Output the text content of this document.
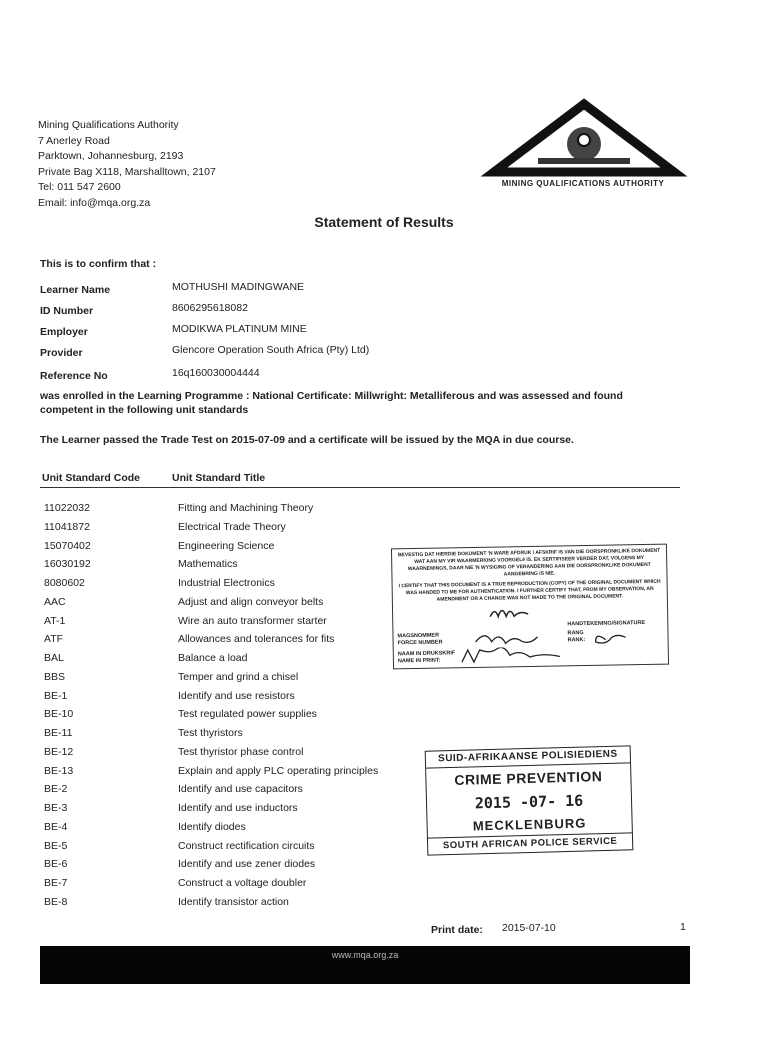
Mining Qualifications Authority
7 Anerley Road
Parktown, Johannesburg, 2193
Private Bag X118, Marshalltown, 2107
Tel: 011 547 2600
Email: info@mqa.org.za
MINING QUALIFICATIONS AUTHORITY
Statement of Results
This is to confirm that :
Learner Name	MOTHUSHI MADINGWANE
ID Number	8606295618082
Employer	MODIKWA PLATINUM MINE
Provider	Glencore Operation South Africa (Pty) Ltd)
Reference No	16q160030004444
was enrolled in the Learning Programme : National Certificate: Millwright: Metalliferous and was assessed and found competent in the following unit standards
The Learner passed the Trade Test on 2015-07-09 and a certificate will be issued by the MQA in due course.
Unit Standard Code	Unit Standard Title
11022032	Fitting and Machining Theory
11041872	Electrical Trade Theory
15070402	Engineering Science
16030192	Mathematics
8080602	Industrial Electronics
AAC	Adjust and align conveyor belts
AT-1	Wire an auto transformer starter
ATF	Allowances and tolerances for fits
BAL	Balance a load
BBS	Temper and grind a chisel
BE-1	Identify and use resistors
BE-10	Test regulated power supplies
BE-11	Test thyristors
BE-12	Test thyristor phase control
BE-13	Explain and apply PLC operating principles
BE-2	Identify and use capacitors
BE-3	Identify and use inductors
BE-4	Identify diodes
BE-5	Construct rectification circuits
BE-6	Identify and use zener diodes
BE-7	Construct a voltage doubler
BE-8	Identify transistor action
BEVESTIG DAT HIERDIE DOKUMENT 'N WARE AFDRUK / AFSKRIF IS VAN DIE OORSPRONKLIKE DOKUMENT WAT AAN MY VIR WAARMERKING VOORGELê IS. EK SERTIFISEER VERDER DAT, VOLGENS MY WAARNEMINGS, DAAR NIE 'N WYSIGING OF VERANDERING AAN DIE OORSPRONKLIKE DOKUMENT AANGEBRING IS NIE.
I CERTIFY THAT THIS DOCUMENT IS A TRUE REPRODUCTION (COPY) OF THE ORIGINAL DOCUMENT WHICH WAS HANDED TO ME FOR AUTHENTICATION. I FURTHER CERTIFY THAT, FROM MY OBSERVATION, AN AMENDMENT OR A CHANGE WAS NOT MADE TO THE ORIGINAL DOCUMENT.
MAGSNOMMER FORCE NUMBER
HANDTEKENING/SIGNATURE
RANG RANK:
NAAM IN DRUKSKRIF NAME IN PRINT:
SUID-AFRIKAANSE POLISIEDIENS
CRIME PREVENTION
2015 -07- 16
MECKLENBURG
SOUTH AFRICAN POLICE SERVICE
Print date: 2015-07-10	1
www.mqa.org.za
